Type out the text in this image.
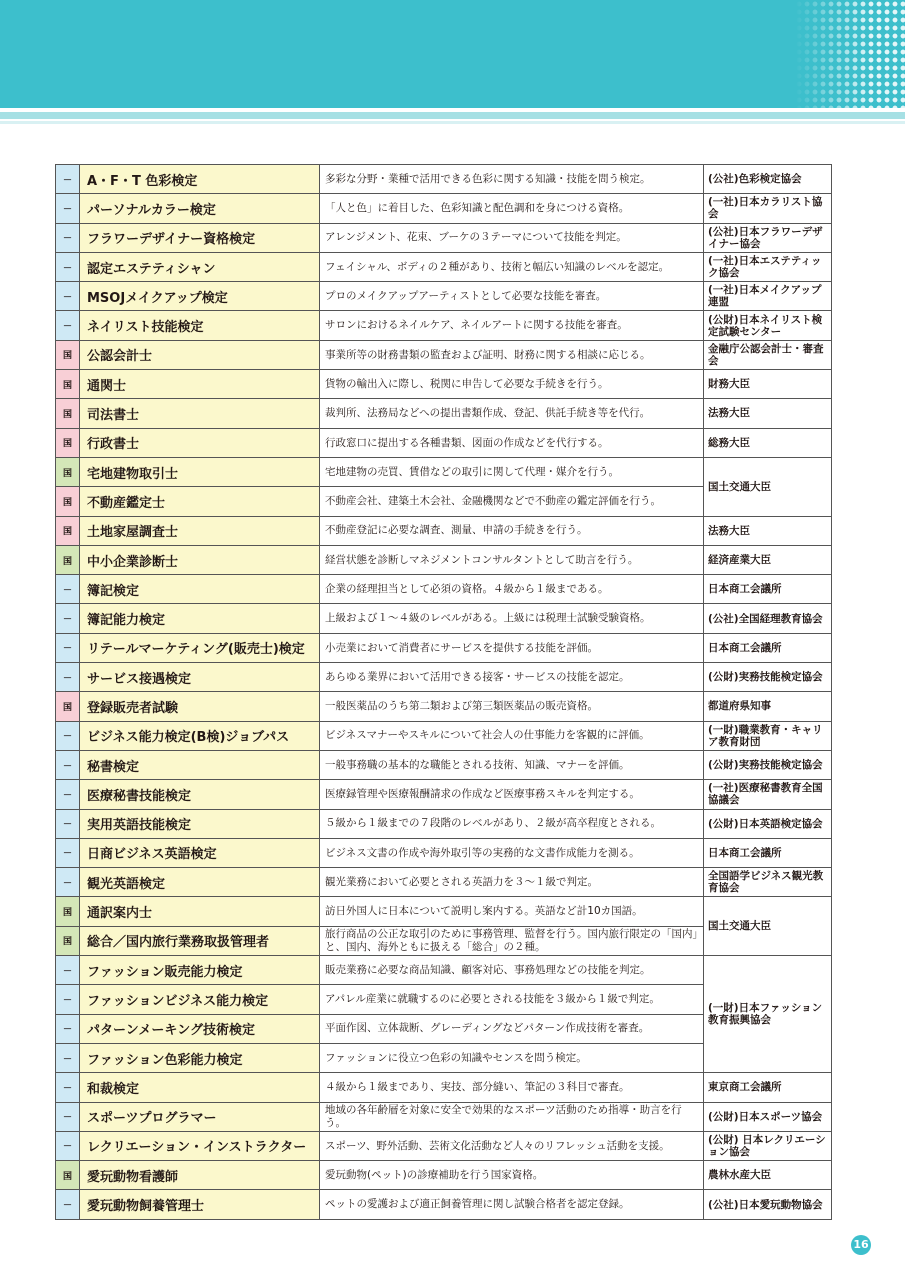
－	A・F・T 色彩検定	多彩な分野・業種で活用できる色彩に関する知識・技能を問う検定。	(公社)色彩検定協会
－	パーソナルカラー検定	「人と色」に着目した、色彩知識と配色調和を身につける資格。	(一社)日本カラリスト協会
－	フラワーデザイナー資格検定	アレンジメント、花束、ブーケの３テーマについて技能を判定。	(公社)日本フラワーデザイナー協会
－	認定エステティシャン	フェイシャル、ボディの２種があり、技術と幅広い知識のレベルを認定。	(一社)日本エステティック協会
－	MSOJメイクアップ検定	プロのメイクアップアーティストとして必要な技能を審査。	(一社)日本メイクアップ連盟
－	ネイリスト技能検定	サロンにおけるネイルケア、ネイルアートに関する技能を審査。	(公財)日本ネイリスト検定試験センター
国	公認会計士	事業所等の財務書類の監査および証明、財務に関する相談に応じる。	金融庁公認会計士・審査会
国	通関士	貨物の輸出入に際し、税関に申告して必要な手続きを行う。	財務大臣
国	司法書士	裁判所、法務局などへの提出書類作成、登記、供託手続き等を代行。	法務大臣
国	行政書士	行政窓口に提出する各種書類、図面の作成などを代行する。	総務大臣
国	宅地建物取引士	宅地建物の売買、賃借などの取引に関して代理・媒介を行う。	国土交通大臣
国	不動産鑑定士	不動産会社、建築土木会社、金融機関などで不動産の鑑定評価を行う。	
国	土地家屋調査士	不動産登記に必要な調査、測量、申請の手続きを行う。	法務大臣
国	中小企業診断士	経営状態を診断しマネジメントコンサルタントとして助言を行う。	経済産業大臣
－	簿記検定	企業の経理担当として必須の資格。４級から１級まである。	日本商工会議所
－	簿記能力検定	上級および１～４級のレベルがある。上級には税理士試験受験資格。	(公社)全国経理教育協会
－	リテールマーケティング(販売士)検定	小売業において消費者にサービスを提供する技能を評価。	日本商工会議所
－	サービス接遇検定	あらゆる業界において活用できる接客・サービスの技能を認定。	(公財)実務技能検定協会
国	登録販売者試験	一般医薬品のうち第二類および第三類医薬品の販売資格。	都道府県知事
－	ビジネス能力検定(B検)ジョブパス	ビジネスマナーやスキルについて社会人の仕事能力を客観的に評価。	(一財)職業教育・キャリア教育財団
－	秘書検定	一般事務職の基本的な職能とされる技術、知識、マナーを評価。	(公財)実務技能検定協会
－	医療秘書技能検定	医療録管理や医療報酬請求の作成など医療事務スキルを判定する。	(一社)医療秘書教育全国協議会
－	実用英語技能検定	５級から１級までの７段階のレベルがあり、２級が高卒程度とされる。	(公財)日本英語検定協会
－	日商ビジネス英語検定	ビジネス文書の作成や海外取引等の実務的な文書作成能力を測る。	日本商工会議所
－	観光英語検定	観光業務において必要とされる英語力を３～１級で判定。	全国語学ビジネス観光教育協会
国	通訳案内士	訪日外国人に日本について説明し案内する。英語など計10カ国語。	国土交通大臣
国	総合／国内旅行業務取扱管理者	旅行商品の公正な取引のために事務管理、監督を行う。国内旅行限定の「国内」と、国内、海外ともに扱える「総合」の２種。	
－	ファッション販売能力検定	販売業務に必要な商品知識、顧客対応、事務処理などの技能を判定。	(一財)日本ファッション教育振興協会
－	ファッションビジネス能力検定	アパレル産業に就職するのに必要とされる技能を３級から１級で判定。	
－	パターンメーキング技術検定	平面作図、立体裁断、グレーディングなどパターン作成技術を審査。	
－	ファッション色彩能力検定	ファッションに役立つ色彩の知識やセンスを問う検定。	
－	和裁検定	４級から１級まであり、実技、部分縫い、筆記の３科目で審査。	東京商工会議所
－	スポーツプログラマー	地域の各年齢層を対象に安全で効果的なスポーツ活動のため指導・助言を行う。	(公財)日本スポーツ協会
－	レクリエーション・インストラクター	スポーツ、野外活動、芸術文化活動など人々のリフレッシュ活動を支援。	(公財) 日本レクリエーション協会
国	愛玩動物看護師	愛玩動物(ペット)の診療補助を行う国家資格。	農林水産大臣
－	愛玩動物飼養管理士	ペットの愛護および適正飼養管理に関し試験合格者を認定登録。	(公社)日本愛玩動物協会
16
